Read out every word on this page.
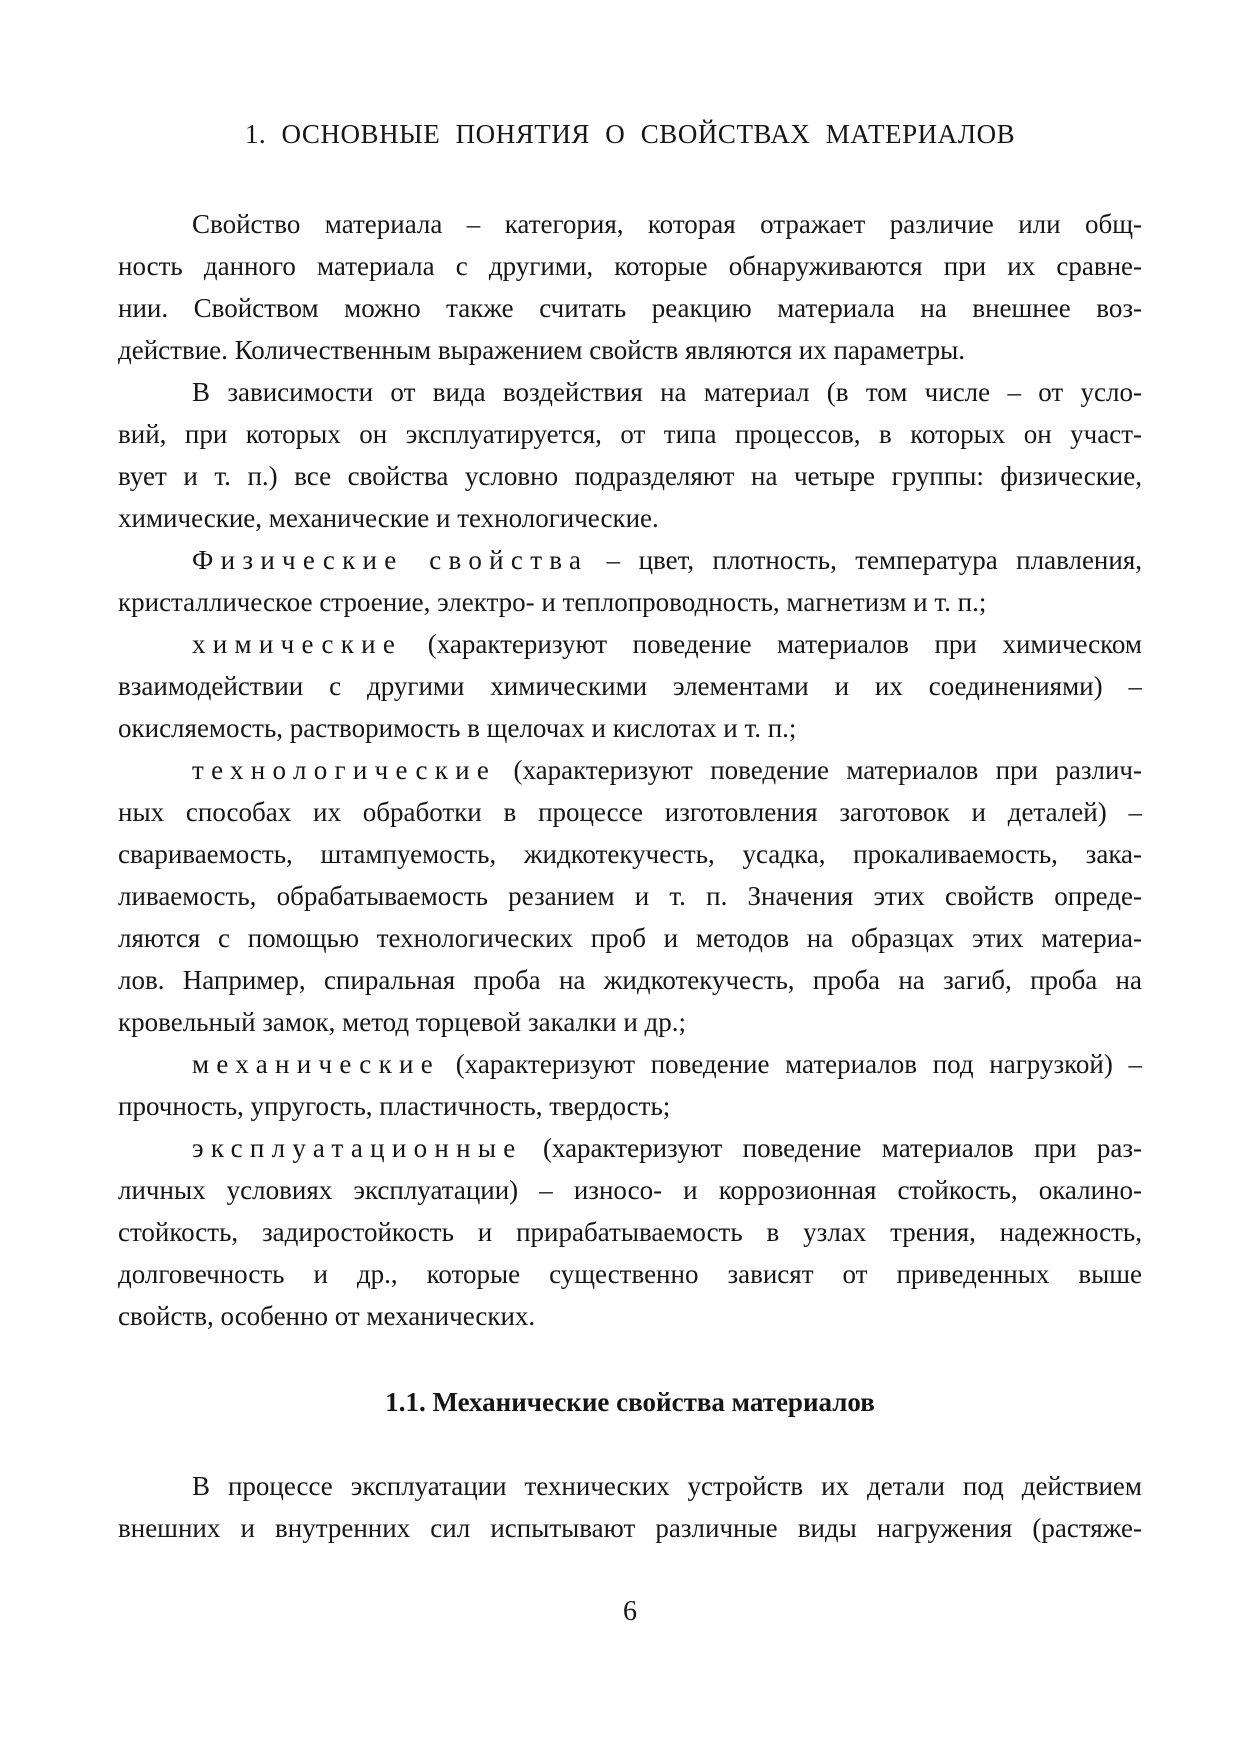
1. ОСНОВНЫЕ ПОНЯТИЯ О СВОЙСТВАХ МАТЕРИАЛОВ
Свойство материала – категория, которая отражает различие или общ-
ность данного материала с другими, которые обнаруживаются при их сравне-
нии. Свойством можно также считать реакцию материала на внешнее воз-
действие. Количественным выражением свойств являются их параметры.
В зависимости от вида воздействия на материал (в том числе – от усло-
вий, при которых он эксплуатируется, от типа процессов, в которых он участ-
вует и т. п.) все свойства условно подразделяют на четыре группы: физические,
химические, механические и технологические.
Физические свойства – цвет, плотность, температура плавления,
кристаллическое строение, электро- и теплопроводность, магнетизм и т. п.;
химические (характеризуют поведение материалов при химическом
взаимодействии с другими химическими элементами и их соединениями) –
окисляемость, растворимость в щелочах и кислотах и т. п.;
технологические (характеризуют поведение материалов при различ-
ных способах их обработки в процессе изготовления заготовок и деталей) –
свариваемость, штампуемость, жидкотекучесть, усадка, прокаливаемость, зака-
ливаемость, обрабатываемость резанием и т. п. Значения этих свойств опреде-
ляются с помощью технологических проб и методов на образцах этих материа-
лов. Например, спиральная проба на жидкотекучесть, проба на загиб, проба на
кровельный замок, метод торцевой закалки и др.;
механические (характеризуют поведение материалов под нагрузкой) –
прочность, упругость, пластичность, твердость;
эксплуатационные (характеризуют поведение материалов при раз-
личных условиях эксплуатации) – износо- и коррозионная стойкость, окалино-
стойкость, задиростойкость и прирабатываемость в узлах трения, надежность,
долговечность и др., которые существенно зависят от приведенных выше
свойств, особенно от механических.
1.1. Механические свойства материалов
В процессе эксплуатации технических устройств их детали под действием
внешних и внутренних сил испытывают различные виды нагружения (растяже-
6
